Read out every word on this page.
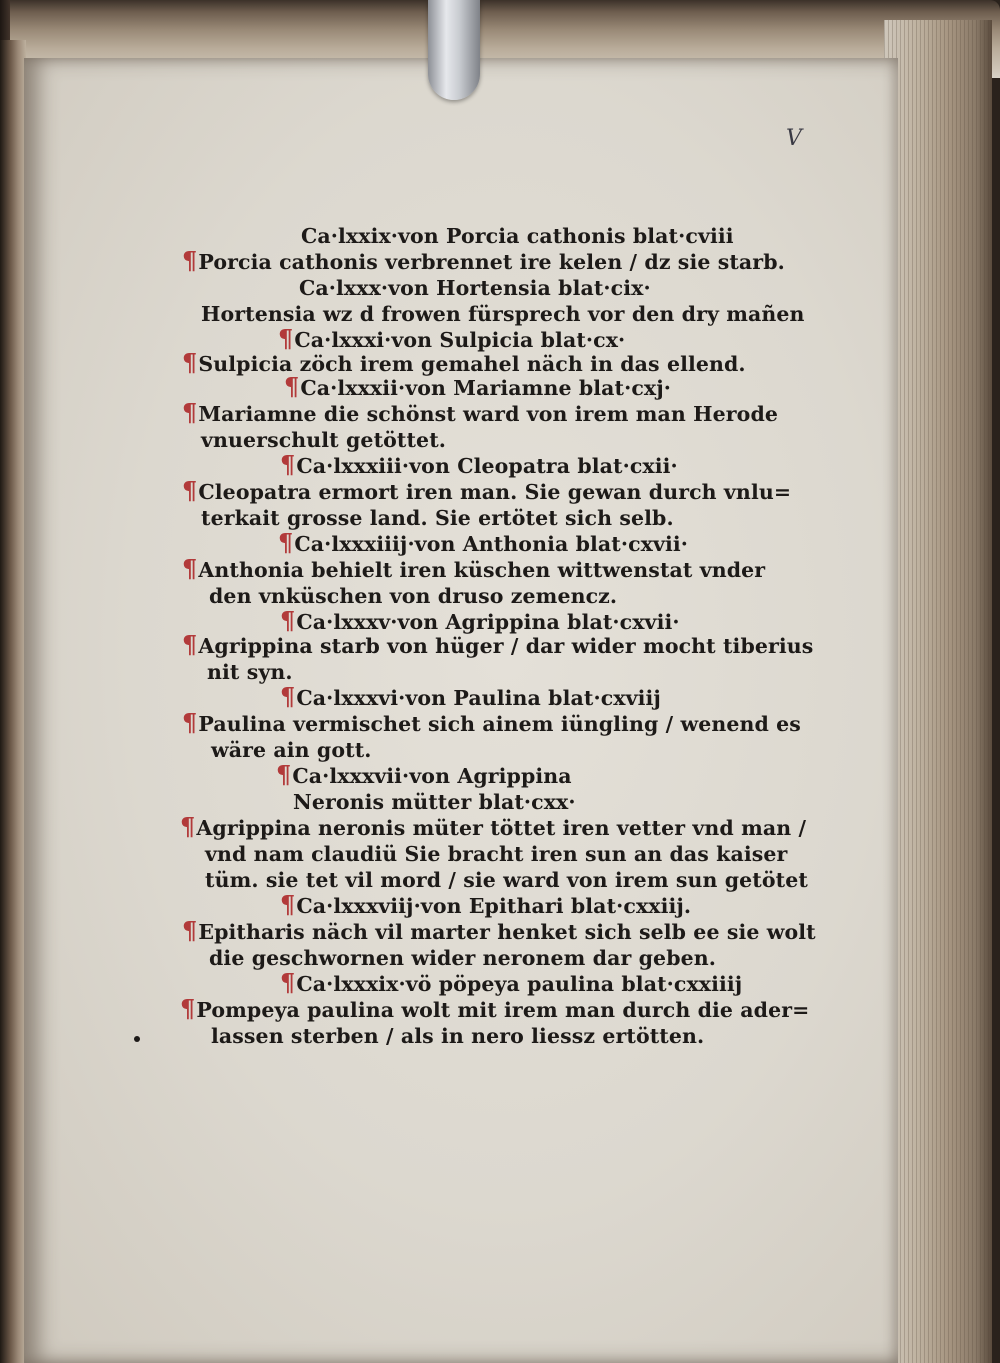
V
Ca·lxxix·von Porcia cathonis blat·cviii
¶Porcia cathonis verbrennet ire kelen / dz sie starb.
Ca·lxxx·von Hortensia blat·cix·
Hortensia wz d frowen fürsprech vor den dry mañen
¶Ca·lxxxi·von Sulpicia blat·cx·
¶Sulpicia zöch irem gemahel näch in das ellend.
¶Ca·lxxxii·von Mariamne blat·cxj·
¶Mariamne die schönst ward von irem man Herode
vnuerschult getöttet.
¶Ca·lxxxiii·von Cleopatra blat·cxii·
¶Cleopatra ermort iren man. Sie gewan durch vnlu=
terkait grosse land. Sie ertötet sich selb.
¶Ca·lxxxiiij·von Anthonia blat·cxvii·
¶Anthonia behielt iren küschen wittwenstat vnder
den vnküschen von druso zemencz.
¶Ca·lxxxv·von Agrippina blat·cxvii·
¶Agrippina starb von hüger / dar wider mocht tiberius
nit syn.
¶Ca·lxxxvi·von Paulina blat·cxviij
¶Paulina vermischet sich ainem iüngling / wenend es
wäre ain gott.
¶Ca·lxxxvii·von Agrippina
Neronis mütter blat·cxx·
¶Agrippina neronis müter töttet iren vetter vnd man /
vnd nam claudiü Sie bracht iren sun an das kaiser
tüm. sie tet vil mord / sie ward von irem sun getötet
¶Ca·lxxxviij·von Epithari blat·cxxiij.
¶Epitharis näch vil marter henket sich selb ee sie wolt
die geschwornen wider neronem dar geben.
¶Ca·lxxxix·vö pöpeya paulina blat·cxxiiij
¶Pompeya paulina wolt mit irem man durch die ader=
lassen sterben / als in nero liessz ertötten.
